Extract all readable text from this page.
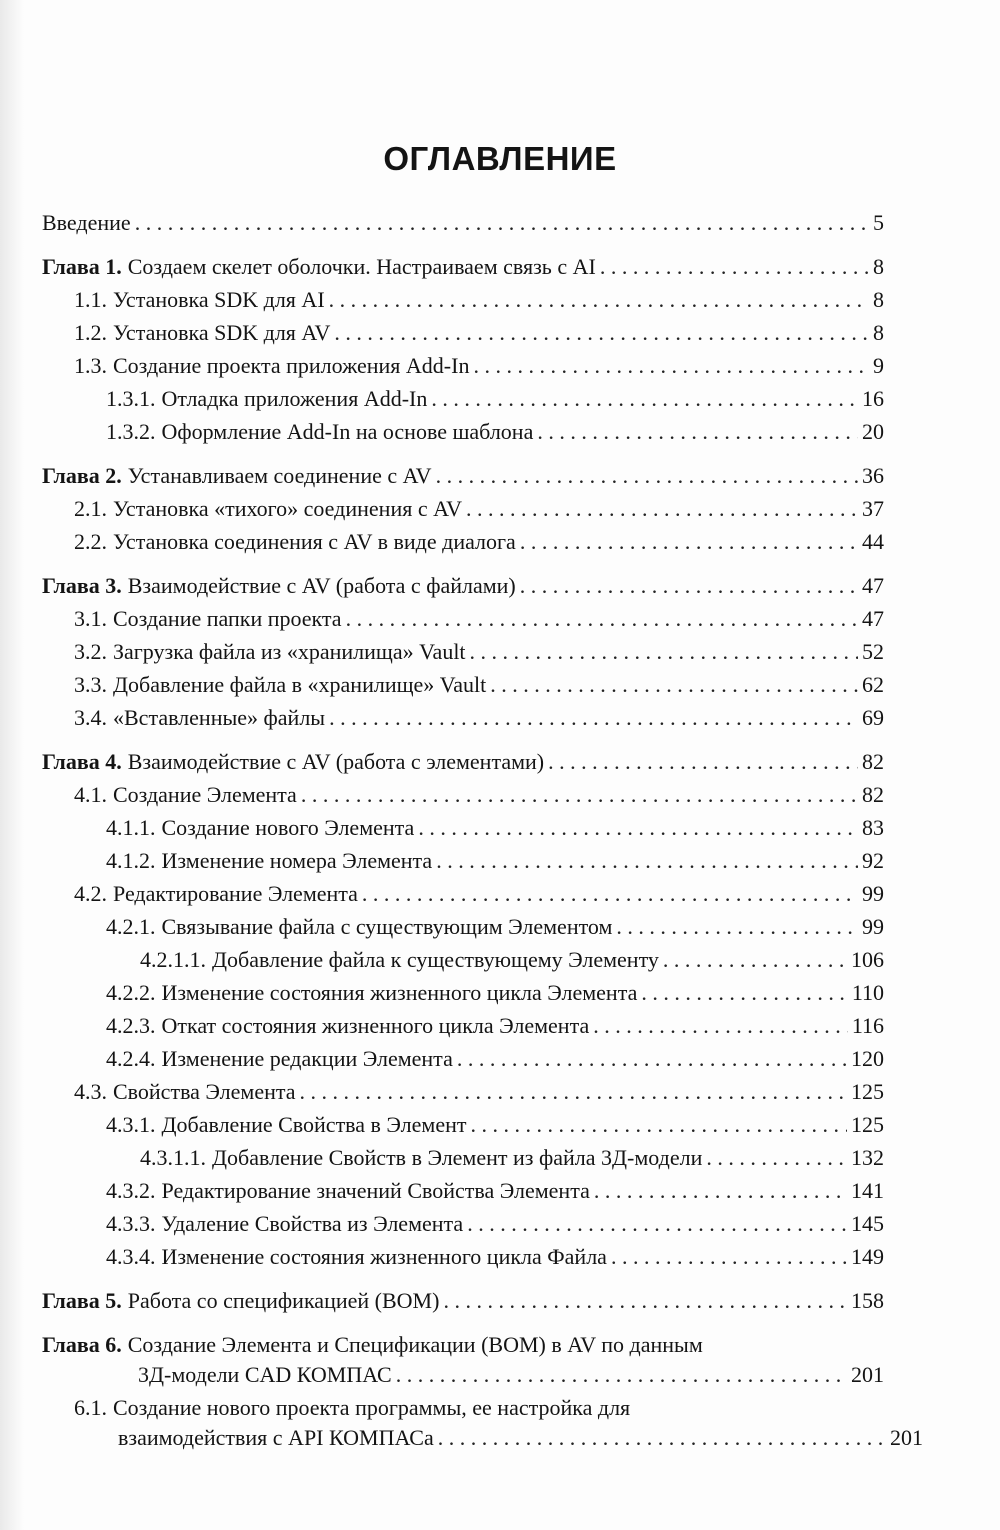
ОГЛАВЛЕНИЕ
Введение . . .	5
Глава 1. Создаем скелет оболочки. Настраиваем связь с AI . . .	8
1.1. Установка SDK для AI . . .	8
1.2. Установка SDK для AV . . .	8
1.3. Создание проекта приложения Add-In . . .	9
1.3.1. Отладка приложения Add-In . . .	16
1.3.2. Оформление Add-In на основе шаблона . . .	20
Глава 2. Устанавливаем соединение с AV . . .	36
2.1. Установка «тихого» соединения с AV . . .	37
2.2. Установка соединения с AV в виде диалога . . .	44
Глава 3. Взаимодействие с AV (работа с файлами) . . .	47
3.1. Создание папки проекта . . .	47
3.2. Загрузка файла из «хранилища» Vault . . .	52
3.3. Добавление файла в «хранилище» Vault . . .	62
3.4. «Вставленные» файлы . . .	69
Глава 4. Взаимодействие с AV (работа с элементами) . . .	82
4.1. Создание Элемента . . .	82
4.1.1. Создание нового Элемента . . .	83
4.1.2. Изменение номера Элемента . . .	92
4.2. Редактирование Элемента . . .	99
4.2.1. Связывание файла с существующим Элементом . . .	99
4.2.1.1. Добавление файла к существующему Элементу . . .	106
4.2.2. Изменение состояния жизненного цикла Элемента . . .	110
4.2.3. Откат состояния жизненного цикла Элемента . . .	116
4.2.4. Изменение редакции Элемента . . .	120
4.3. Свойства Элемента . . .	125
4.3.1. Добавление Свойства в Элемент . . .	125
4.3.1.1. Добавление Свойств в Элемент из файла 3Д-модели . . .	132
4.3.2. Редактирование значений Свойства Элемента . . .	141
4.3.3. Удаление Свойства из Элемента . . .	145
4.3.4. Изменение состояния жизненного цикла Файла . . .	149
Глава 5. Работа со спецификацией (BOM) . . .	158
Глава 6. Создание Элемента и Спецификации (BOM) в AV по данным
3Д-модели CAD КОМПАС . . .	201
6.1. Создание нового проекта программы, ее настройка для
взаимодействия с API КОМПАСа . . .	201
